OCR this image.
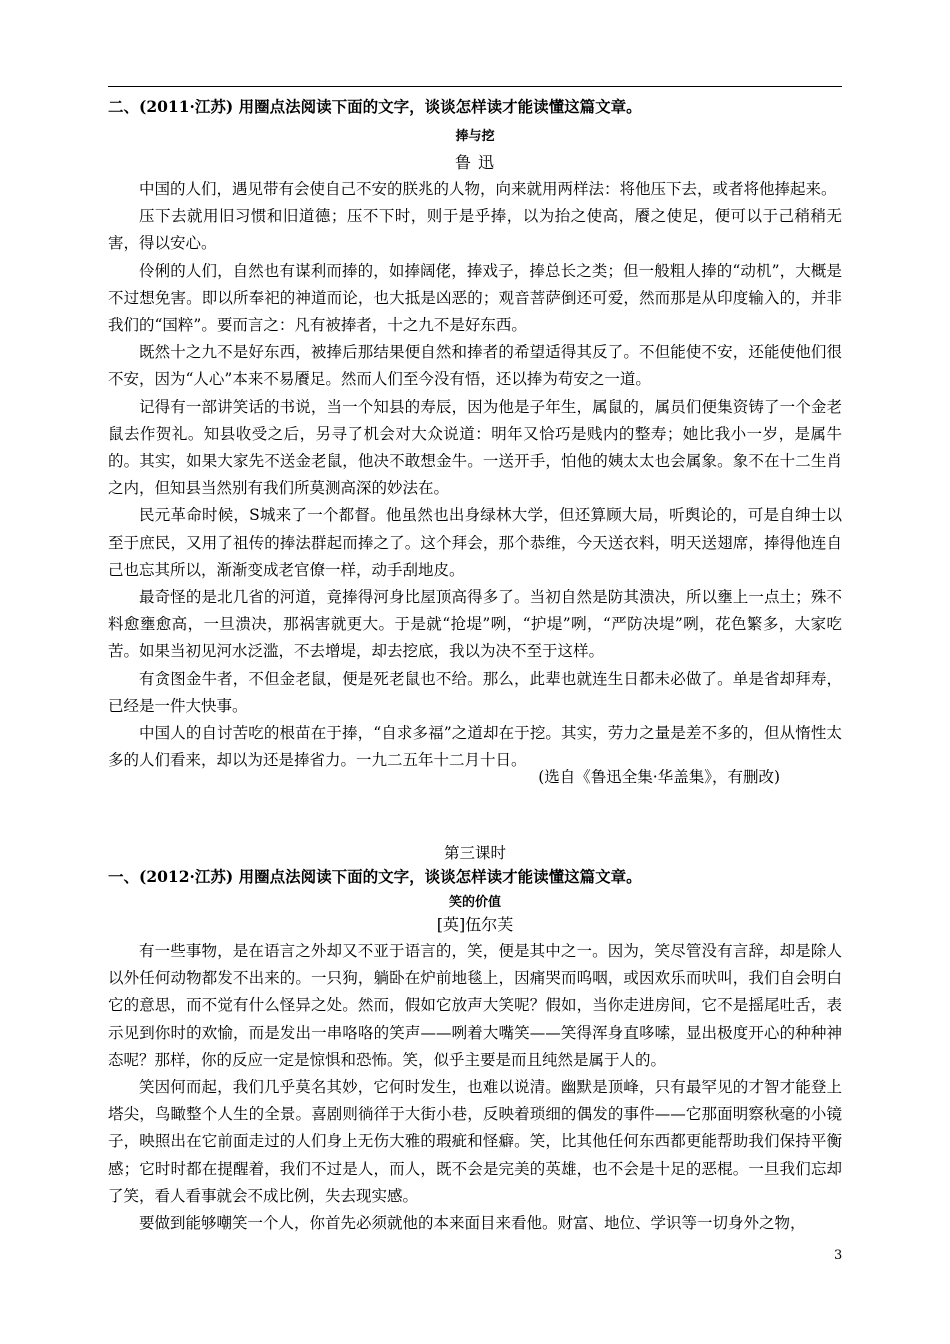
二、(2011·江苏) 用圈点法阅读下面的文字，谈谈怎样读才能读懂这篇文章。
捧与挖
鲁 迅

中国的人们，遇见带有会使自己不安的朕兆的人物，向来就用两样法：将他压下去，或者将他捧起来。

压下去就用旧习惯和旧道德；压不下时，则于是乎捧，以为抬之使高，餍之使足，便可以于己稍稍无害，得以安心。

伶俐的人们，自然也有谋利而捧的，如捧阔佬，捧戏子，捧总长之类；但一般粗人捧的“动机”，大概是不过想免害。即以所奉祀的神道而论，也大抵是凶恶的；观音菩萨倒还可爱，然而那是从印度输入的，并非我们的“国粹”。要而言之：凡有被捧者，十之九不是好东西。

既然十之九不是好东西，被捧后那结果便自然和捧者的希望适得其反了。不但能使不安，还能使他们很不安，因为“人心”本来不易餍足。然而人们至今没有悟，还以捧为苟安之一道。

记得有一部讲笑话的书说，当一个知县的寿辰，因为他是子年生，属鼠的，属员们便集资铸了一个金老鼠去作贺礼。知县收受之后，另寻了机会对大众说道：明年又恰巧是贱内的整寿；她比我小一岁，是属牛的。其实，如果大家先不送金老鼠，他决不敢想金牛。一送开手，怕他的姨太太也会属象。象不在十二生肖之内，但知县当然别有我们所莫测高深的妙法在。

民元革命时候，S城来了一个都督。他虽然也出身绿林大学，但还算顾大局，听舆论的，可是自绅士以至于庶民，又用了祖传的捧法群起而捧之了。这个拜会，那个恭维，今天送衣料，明天送翅席，捧得他连自己也忘其所以，渐渐变成老官僚一样，动手刮地皮。

最奇怪的是北几省的河道，竟捧得河身比屋顶高得多了。当初自然是防其溃决，所以壅上一点土；殊不料愈壅愈高，一旦溃决，那祸害就更大。于是就“抢堤”咧，“护堤”咧，“严防决堤”咧，花色繁多，大家吃苦。如果当初见河水泛滥，不去增堤，却去挖底，我以为决不至于这样。

有贪图金牛者，不但金老鼠，便是死老鼠也不给。那么，此辈也就连生日都未必做了。单是省却拜寿，已经是一件大快事。

中国人的自讨苦吃的根苗在于捧，“自求多福”之道却在于挖。其实，劳力之量是差不多的，但从惰性太多的人们看来，却以为还是捧省力。一九二五年十二月十日。

(选自《鲁迅全集·华盖集》，有删改)
第三课时
一、(2012·江苏) 用圈点法阅读下面的文字，谈谈怎样读才能读懂这篇文章。
笑的价值
[英]伍尔芙

有一些事物，是在语言之外却又不亚于语言的，笑，便是其中之一。因为，笑尽管没有言辞，却是除人以外任何动物都发不出来的。一只狗，躺卧在炉前地毯上，因痛哭而呜咽，或因欢乐而吠叫，我们自会明白它的意思，而不觉有什么怪异之处。然而，假如它放声大笑呢？假如，当你走进房间，它不是摇尾吐舌，表示见到你时的欢愉，而是发出一串咯咯的笑声——咧着大嘴笑——笑得浑身直哆嗦，显出极度开心的种种神态呢？那样，你的反应一定是惊惧和恐怖。笑，似乎主要是而且纯然是属于人的。

笑因何而起，我们几乎莫名其妙，它何时发生，也难以说清。幽默是顶峰，只有最罕见的才智才能登上塔尖，鸟瞰整个人生的全景。喜剧则徜徉于大街小巷，反映着琐细的偶发的事件——它那面明察秋毫的小镜子，映照出在它前面走过的人们身上无伤大雅的瑕疵和怪癖。笑，比其他任何东西都更能帮助我们保持平衡感；它时时都在提醒着，我们不过是人，而人，既不会是完美的英雄，也不会是十足的恶棍。一旦我们忘却了笑，看人看事就会不成比例，失去现实感。

要做到能够嘲笑一个人，你首先必须就他的本来面目来看他。财富、地位、学识等一切身外之物，

3
